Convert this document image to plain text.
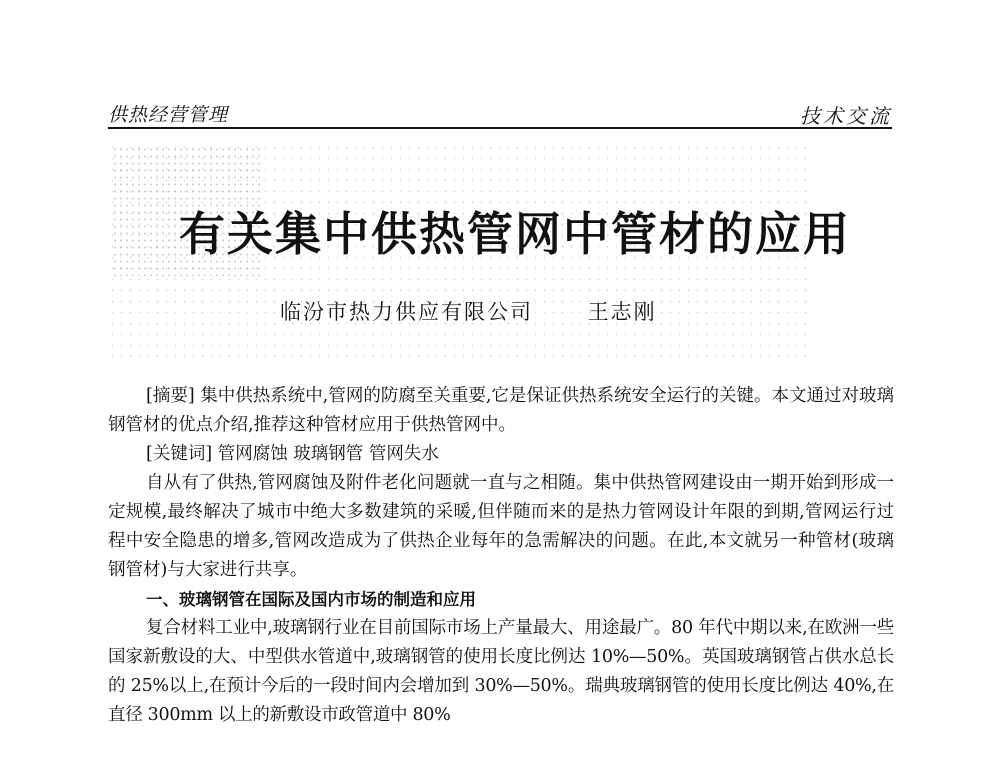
供热经营管理	技术交流
有关集中供热管网中管材的应用
临汾市热力供应有限公司	王志刚

[摘要] 集中供热系统中,管网的防腐至关重要,它是保证供热系统安全运行的关键。本文通过对玻璃钢管材的优点介绍,推荐这种管材应用于供热管网中。

[关键词] 管网腐蚀 玻璃钢管 管网失水

自从有了供热,管网腐蚀及附件老化问题就一直与之相随。集中供热管网建设由一期开始到形成一定规模,最终解决了城市中绝大多数建筑的采暖,但伴随而来的是热力管网设计年限的到期,管网运行过程中安全隐患的增多,管网改造成为了供热企业每年的急需解决的问题。在此,本文就另一种管材(玻璃钢管材)与大家进行共享。

一、玻璃钢管在国际及国内市场的制造和应用

复合材料工业中,玻璃钢行业在目前国际市场上产量最大、用途最广。80 年代中期以来,在欧洲一些国家新敷设的大、中型供水管道中,玻璃钢管的使用长度比例达 10%—50%。英国玻璃钢管占供水总长的 25%以上,在预计今后的一段时间内会增加到 30%—50%。瑞典玻璃钢管的使用长度比例达 40%,在直径 300mm 以上的新敷设市政管道中 80%
